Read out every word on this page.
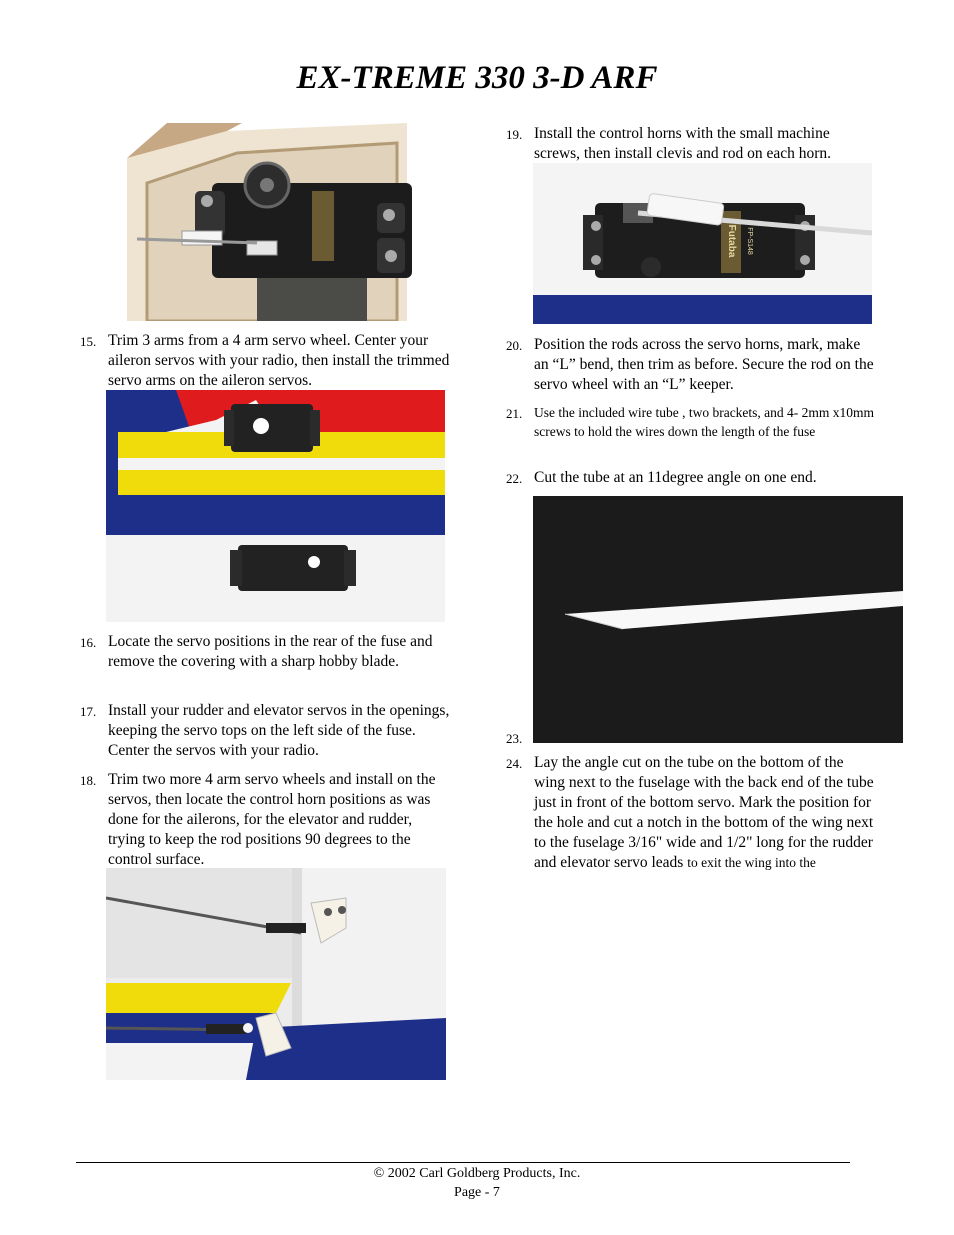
EX-TREME 330 3-D ARF
15. Trim 3 arms from a 4 arm servo wheel. Center your aileron servos with your radio, then install the trimmed servo arms on the aileron servos.
16. Locate the servo positions in the rear of the fuse and remove the covering with a sharp hobby blade.
17. Install your rudder and elevator servos in the openings, keeping the servo tops on the left side of the fuse. Center the servos with your radio.
18. Trim two more 4 arm servo wheels and install on the servos, then locate the control horn positions as was done for the ailerons, for the elevator and rudder, trying to keep the rod positions 90 degrees to the control surface.
19. Install the control horns with the small machine screws, then install clevis and rod on each horn.
Futaba FP-S148
20. Position the rods across the servo horns, mark, make an “L” bend, then trim as before. Secure the rod on the servo wheel with an “L” keeper.
21. Use the included wire tube , two brackets, and 4- 2mm x10mm screws to hold the wires down the length of the fuse
22. Cut the tube at an 11degree angle on one end.
23.
24. Lay the angle cut on the tube on the bottom of the wing next to the fuselage with the back end of the tube just in front of the bottom servo. Mark the position for the hole and cut a notch in the bottom of the wing next to the fuselage 3/16" wide and 1/2" long for the rudder and elevator servo leads to exit the wing into the
© 2002 Carl Goldberg Products, Inc.
Page - 7
